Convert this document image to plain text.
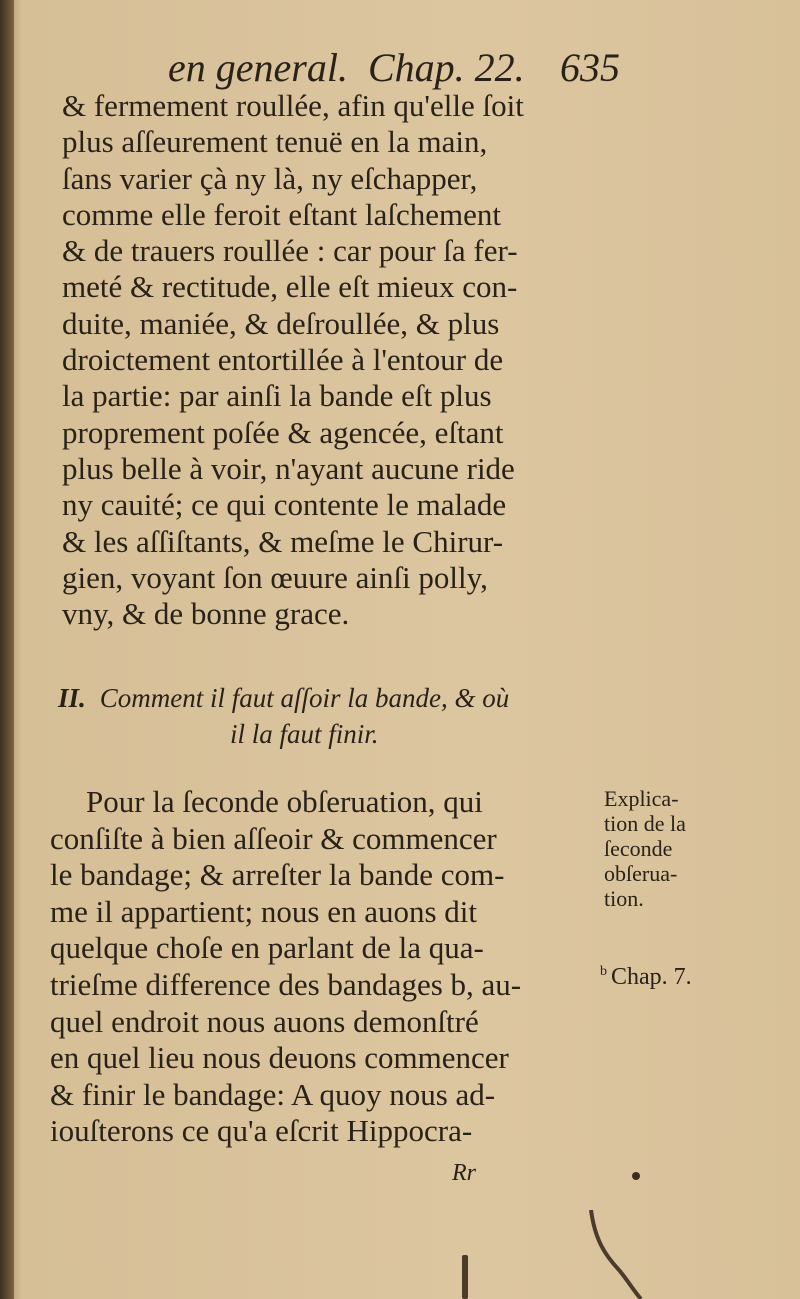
en general. Chap. 22. 635
& fermement roullée, afin qu'elle ſoit
plus aſſeurement tenuë en la main,
ſans varier çà ny là, ny eſchapper,
comme elle feroit eſtant laſchement
& de trauers roullée : car pour ſa fer-
meté & rectitude, elle eſt mieux con-
duite, maniée, & deſroullée, & plus
droictement entortillée à l'entour de
la partie: par ainſi la bande eſt plus
proprement poſée & agencée, eſtant
plus belle à voir, n'ayant aucune ride
ny cauité; ce qui contente le malade
& les aſſiſtants, & meſme le Chirur-
gien, voyant ſon œuure ainſi polly,
vny, & de bonne grace.
II. Comment il faut aſſoir la bande, & où
il la faut finir.
Pour la ſeconde obſeruation, qui
conſiſte à bien aſſeoir & commencer
le bandage; & arreſter la bande com-
me il appartient; nous en auons dit
quelque choſe en parlant de la qua-
trieſme difference des bandages b, au-
quel endroit nous auons demonſtré
en quel lieu nous deuons commencer
& finir le bandage: A quoy nous ad-
iouſterons ce qu'a eſcrit Hippocra-
Explica-
tion de la
ſeconde
obſerua-
tion.
$^b$ Chap. 7.
Rr
